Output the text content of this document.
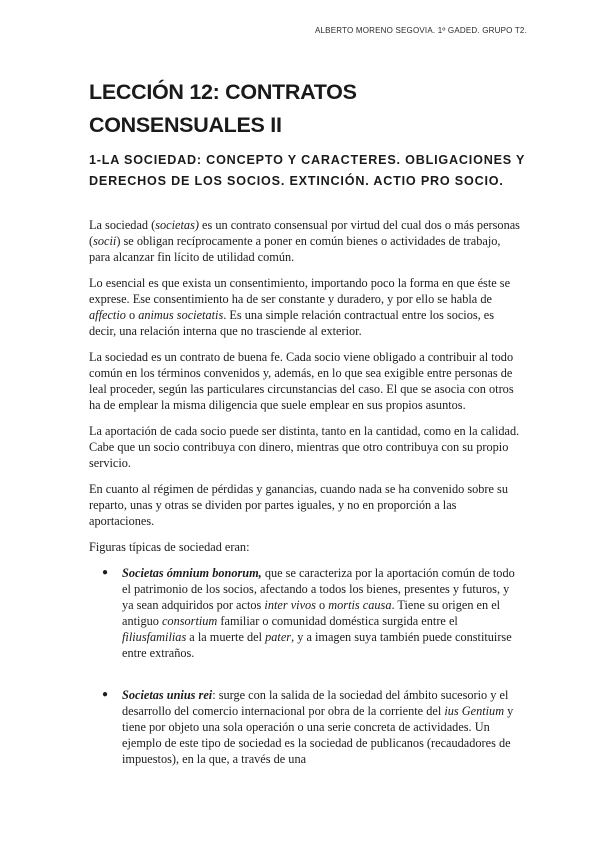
ALBERTO MORENO SEGOVIA. 1º GADED. GRUPO T2.
LECCIÓN 12: CONTRATOS CONSENSUALES II
1-LA SOCIEDAD: CONCEPTO Y CARACTERES. OBLIGACIONES Y DERECHOS DE LOS SOCIOS. EXTINCIÓN. ACTIO PRO SOCIO.

La sociedad (societas) es un contrato consensual por virtud del cual dos o más personas (socii) se obligan recíprocamente a poner en común bienes o actividades de trabajo, para alcanzar fin lícito de utilidad común.

Lo esencial es que exista un consentimiento, importando poco la forma en que éste se exprese. Ese consentimiento ha de ser constante y duradero, y por ello se habla de affectio o animus societatis. Es una simple relación contractual entre los socios, es decir, una relación interna que no trasciende al exterior.

La sociedad es un contrato de buena fe. Cada socio viene obligado a contribuir al todo común en los términos convenidos y, además, en lo que sea exigible entre personas de leal proceder, según las particulares circunstancias del caso. El que se asocia con otros ha de emplear la misma diligencia que suele emplear en sus propios asuntos.

La aportación de cada socio puede ser distinta, tanto en la cantidad, como en la calidad. Cabe que un socio contribuya con dinero, mientras que otro contribuya con su propio servicio.

En cuanto al régimen de pérdidas y ganancias, cuando nada se ha convenido sobre su reparto, unas y otras se dividen por partes iguales, y no en proporción a las aportaciones.

Figuras típicas de sociedad eran:

● Societas ómnium bonorum, que se caracteriza por la aportación común de todo el patrimonio de los socios, afectando a todos los bienes, presentes y futuros, y ya sean adquiridos por actos inter vivos o mortis causa. Tiene su origen en el antiguo consortium familiar o comunidad doméstica surgida entre el filiusfamilias a la muerte del pater, y a imagen suya también puede constituirse entre extraños.
● Societas unius rei: surge con la salida de la sociedad del ámbito sucesorio y el desarrollo del comercio internacional por obra de la corriente del ius Gentium y tiene por objeto una sola operación o una serie concreta de actividades. Un ejemplo de este tipo de sociedad es la sociedad de publicanos (recaudadores de impuestos), en la que, a través de una
